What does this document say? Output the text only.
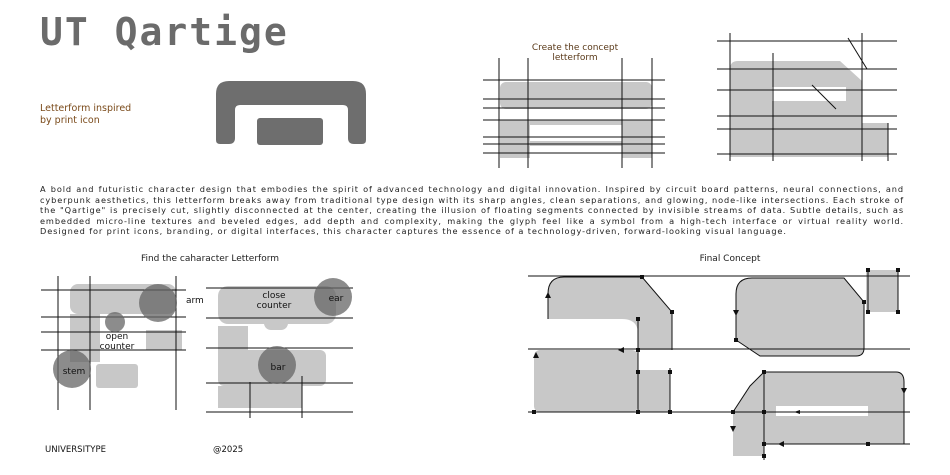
UT Qartige
Letterform inspired
by print icon
Create the concept
letterform
A bold and futuristic character design that embodies the spirit of advanced technology and digital innovation. Inspired by circuit board patterns, neural connections, and cyberpunk aesthetics, this letterform breaks away from traditional type design with its sharp angles, clean separations, and glowing, node-like intersections. Each stroke of the "Qartige" is precisely cut, slightly disconnected at the center, creating the illusion of floating segments connected by invisible streams of data. Subtle details, such as embedded micro-line textures and beveled edges, add depth and complexity, making the glyph feel like a symbol from a high-tech interface or virtual reality world. Designed for print icons, branding, or digital interfaces, this character captures the essence of a technology-driven, forward-looking visual language.
Find the caharacter Letterform	Final Concept
arm
open
counter
stem
close
counter
ear
bar
UNIVERSITYPE	@2025
